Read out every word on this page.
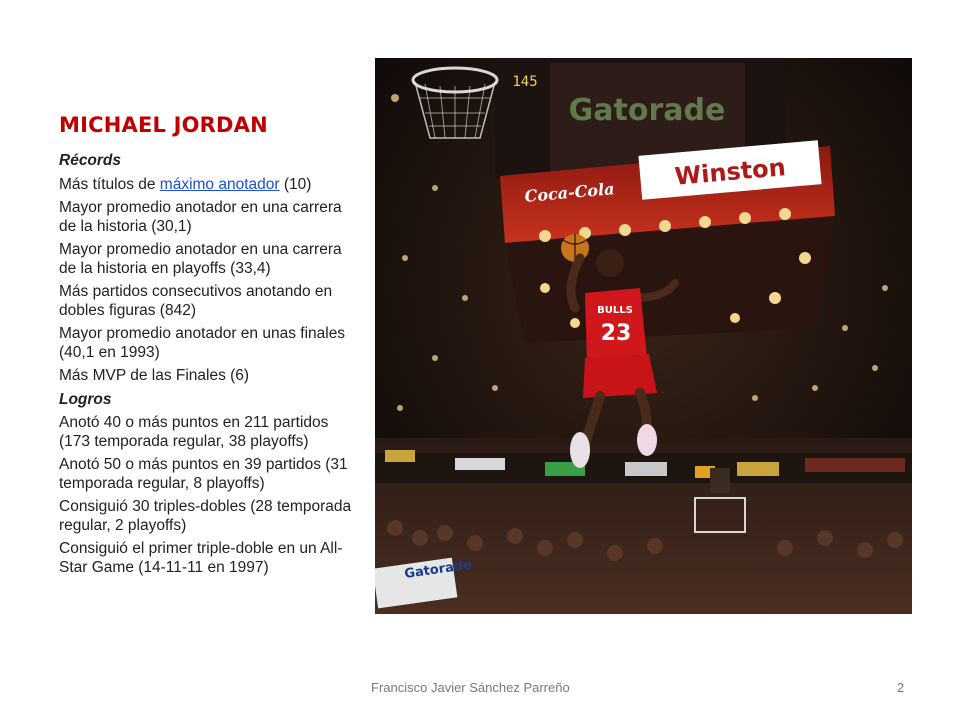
MICHAEL JORDAN

Récords

Más títulos de máximo anotador (10)

Mayor promedio anotador en una carrera de la historia (30,1)

Mayor promedio anotador en una carrera de la historia en playoffs (33,4)

Más partidos consecutivos anotando en dobles figuras (842)

Mayor promedio anotador en unas finales (40,1 en 1993)

Más MVP de las Finales (6)

Logros

Anotó 40 o más puntos en 211 partidos (173 temporada regular, 38 playoffs)

Anotó 50 o más puntos en 39 partidos (31 temporada regular, 8 playoffs)

Consiguió 30 triples-dobles (28 temporada regular, 2 playoffs)

Consiguió el primer triple-doble en un All-Star Game (14-11-11 en 1997)

Gatorade
145
Winston
Coca-Cola
Gatorade
BULLS
23
Francisco Javier Sánchez Parreño	2
